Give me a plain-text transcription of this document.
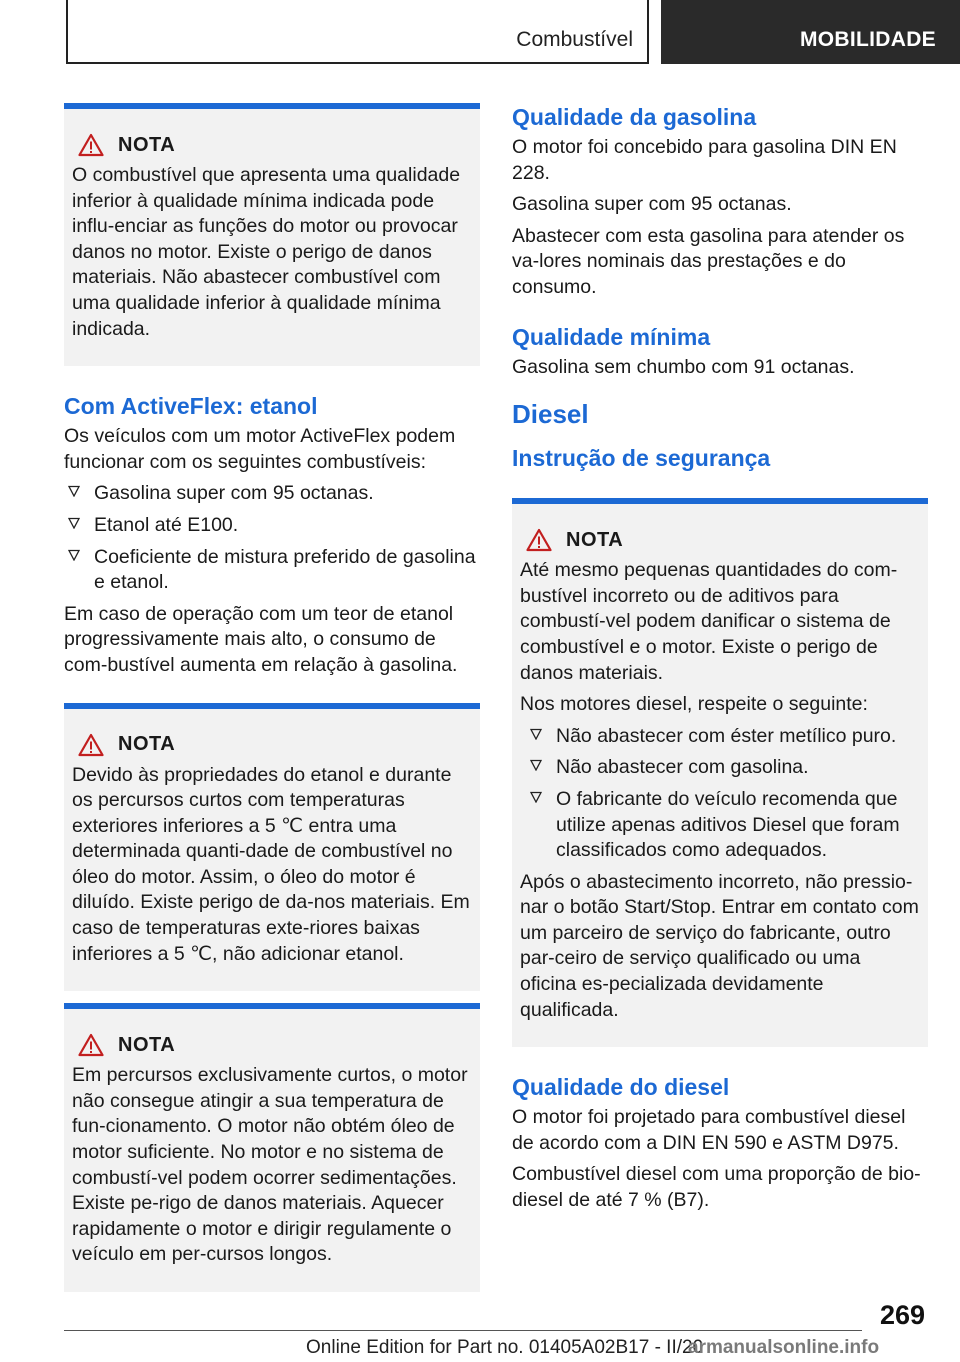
Combustível	MOBILIDADE
NOTA

O combustível que apresenta uma qualidade inferior à qualidade mínima indicada pode influ-enciar as funções do motor ou provocar danos no motor. Existe o perigo de danos materiais. Não abastecer combustível com uma qualidade inferior à qualidade mínima indicada.

Com ActiveFlex: etanol

Os veículos com um motor ActiveFlex podem funcionar com os seguintes combustíveis:

Gasolina super com 95 octanas.
Etanol até E100.
Coeficiente de mistura preferido de gasolina e etanol.

Em caso de operação com um teor de etanol progressivamente mais alto, o consumo de com-bustível aumenta em relação à gasolina.

NOTA

Devido às propriedades do etanol e durante os percursos curtos com temperaturas exteriores inferiores a 5 ℃ entra uma determinada quanti-dade de combustível no óleo do motor. Assim, o óleo do motor é diluído. Existe perigo de da-nos materiais. Em caso de temperaturas exte-riores baixas inferiores a 5 ℃, não adicionar etanol.

NOTA

Em percursos exclusivamente curtos, o motor não consegue atingir a sua temperatura de fun-cionamento. O motor não obtém óleo de motor suficiente. No motor e no sistema de combustí-vel podem ocorrer sedimentações. Existe pe-rigo de danos materiais. Aquecer rapidamente o motor e dirigir regulamente o veículo em per-cursos longos.

Qualidade da gasolina

O motor foi concebido para gasolina DIN EN 228.

Gasolina super com 95 octanas.

Abastecer com esta gasolina para atender os va-lores nominais das prestações e do consumo.

Qualidade mínima

Gasolina sem chumbo com 91 octanas.

Diesel
Instrução de segurança
NOTA

Até mesmo pequenas quantidades do com-bustível incorreto ou de aditivos para combustí-vel podem danificar o sistema de combustível e o motor. Existe o perigo de danos materiais.

Nos motores diesel, respeite o seguinte:

Não abastecer com éster metílico puro.
Não abastecer com gasolina.
O fabricante do veículo recomenda que utilize apenas aditivos Diesel que foram classificados como adequados.

Após o abastecimento incorreto, não pressio-nar o botão Start/Stop. Entrar em contato com um parceiro de serviço do fabricante, outro par-ceiro de serviço qualificado ou uma oficina es-pecializada devidamente qualificada.

Qualidade do diesel

O motor foi projetado para combustível diesel de acordo com a DIN EN 590 e ASTM D975.

Combustível diesel com uma proporção de bio-diesel de até 7 % (B7).

269
Online Edition for Part no. 01405A02B17 - II/20
armanualsonline.info
